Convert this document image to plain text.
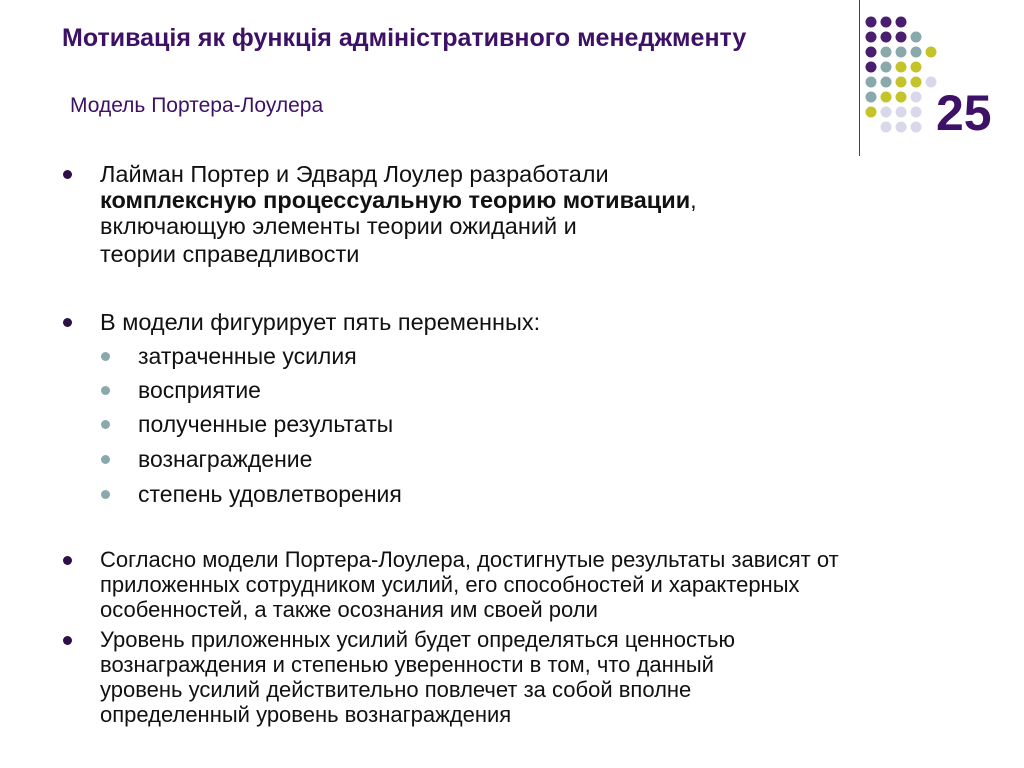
Мотивація як функція адміністративного менеджменту
Модель Портера-Лоулера	25
Лайман Портер и Эдвард Лоулер разработали
комплексную процессуальную теорию мотивации,
включающую элементы теории ожиданий и
теории справедливости
В модели фигурирует пять переменных:
затраченные усилия
восприятие
полученные результаты
вознаграждение
степень удовлетворения
Согласно модели Портера-Лоулера, достигнутые результаты зависят от
приложенных сотрудником усилий, его способностей и характерных
особенностей, а также осознания им своей роли
Уровень приложенных усилий будет определяться ценностью
вознаграждения и степенью уверенности в том, что данный
уровень усилий действительно повлечет за собой вполне
определенный уровень вознаграждения
